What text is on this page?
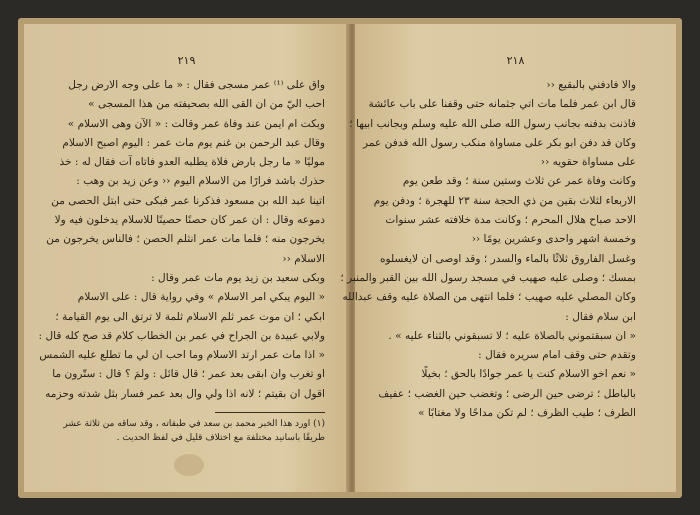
٢١٩
واق على ⁽¹⁾ عمر مسجى فقال : « ما على وجه الارض رجل
احب اليّ من ان القى الله بصحيفته من هذا المسجى »
وبكت ام ايمن عند وفاة عمر وقالت : « الآن وهى الاسلام »
وقال عبد الرحمن بن غنم يوم مات عمر : اليوم اصبح الاسلام
موليًا « ما رجل بارض فلاة يطلبه العدو فاتاه آت فقال له : خذ
حذرك باشد فرارًا من الاسلام اليوم ‹‹ وعن زيد بن وهب :
اتينا عبد الله بن مسعود فذكرنا عمر فبكى حتى ابتل الحصى من
دموعه وقال : ان عمر كان حصنًا حصينًا للاسلام يدخلون فيه ولا
يخرجون منه ؛ فلما مات عمر انثلم الحصن ؛ فالناس يخرجون من
الاسلام ‹‹
وبكى سعيد بن زيد يوم مات عمر وقال :
« اليوم يبكي امر الاسلام » وفي رواية قال : على الاسلام
ابكي ؛ ان موت عمر ثلم الاسلام ثلمة لا ترتق الى يوم القيامة ؛
ولابي عبيدة بن الجراح في عمر بن الخطاب كلام قد صح كله قال :
« اذا مات عمر ارتد الاسلام وما احب ان لي ما تطلع عليه الشمس
او تغرب وان ابقى بعد عمر ؛ قال قائل : ولمَ ؟ قال : ستّرون ما
اقول ان بقيتم ؛ لانه اذا ولي وال بعد عمر فسار بثل شدته وحزمه
(١) اورد هذا الخبر محمد بن سعد في طبقاته ، وقد ساقه من ثلاثة عشر
طريقًا باسانيد مختلفة مع اختلاف قليل في لفظ الحديث .
٢١٨
والا فادفني بالبقيع ‹‹
قال ابن عمر فلما مات اتي جثمانه حتى وقفنا على باب عائشة
فاذنت بدفنه بجانب رسول الله صلى الله عليه وسلم وبجانب ابيها ؛
وكان قد دفن ابو بكر على مساواة منكب رسول الله فدفن عمر
على مساواة حقويه ‹‹
وكانت وفاة عمر عن ثلاث وستين سنة ؛ وقد طعن يوم
الاربعاء لثلاث بقين من ذي الحجة سنة ٢٣ للهجرة ؛ ودفن يوم
الاحد صباح هلال المحرم ؛ وكانت مدة خلافته عشر سنوات
وخمسة اشهر واحدى وعشرين يومًا ‹‹
وغسل الفاروق ثلاثًا بالماء والسدر ؛ وقد اوصى ان لايغسلوه
بمسك ؛ وصلى عليه صهيب في مسجد رسول الله بين القبر والمنبر ؛
وكان المصلي عليه صهيب ؛ فلما انتهى من الصلاة عليه وقف عبدالله
ابن سلام فقال :
« ان سبقتموني بالصلاة عليه ؛ لا تسبقوني بالثناء عليه » .
وتقدم حتى وقف امام سريره فقال :
« نعم اخو الاسلام كنت يا عمر جوادًا بالحق ؛ بخيلًا
بالباطل ؛ ترضى حين الرضى ؛ وتغضب حين الغضب ؛ عفيف
الطرف ؛ طيب الظرف ؛ لم تكن مداحًا ولا مغتابًا »
